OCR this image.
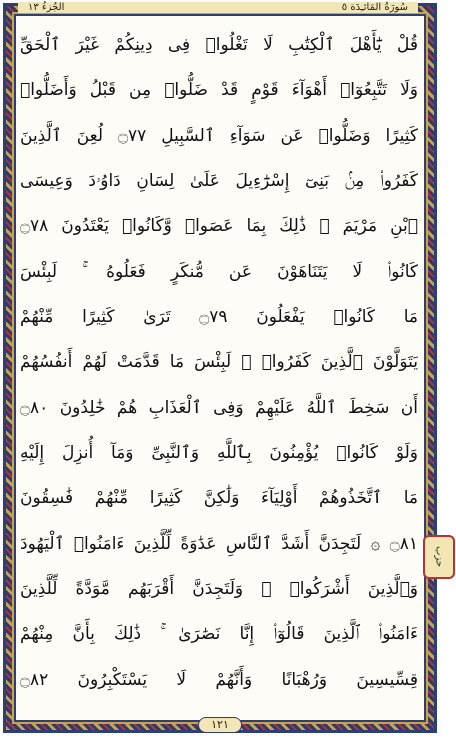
الجُزءُ ١٣	سُورَةُ المَائـِدَة ٥
قُلْ يَٰٓأَهْلَ ٱلْكِتَٰبِ لَا تَغْلُوا۟ فِى دِينِكُمْ غَيْرَ ٱلْحَقِّ
وَلَا تَتَّبِعُوٓا۟ أَهْوَآءَ قَوْمٍ قَدْ ضَلُّوا۟ مِن قَبْلُ وَأَضَلُّوا۟
كَثِيرًا وَضَلُّوا۟ عَن سَوَآءِ ٱلسَّبِيلِ ۝٧٧ لُعِنَ ٱلَّذِينَ
كَفَرُوا۟ مِنۢ بَنِىٓ إِسْرَٰٓءِيلَ عَلَىٰ لِسَانِ دَاوُۥدَ وَعِيسَى
ٱبْنِ مَرْيَمَ ۚ ذَٰلِكَ بِمَا عَصَوا۟ وَّكَانُوا۟ يَعْتَدُونَ ۝٧٨
كَانُوا۟ لَا يَتَنَاهَوْنَ عَن مُّنكَرٍ فَعَلُوهُ ۚ لَبِئْسَ
مَا كَانُوا۟ يَفْعَلُونَ ۝٧٩ تَرَىٰ كَثِيرًا مِّنْهُمْ
يَتَوَلَّوْنَ ٱلَّذِينَ كَفَرُوا۟ ۚ لَبِئْسَ مَا قَدَّمَتْ لَهُمْ أَنفُسُهُمْ
أَن سَخِطَ ٱللَّهُ عَلَيْهِمْ وَفِى ٱلْعَذَابِ هُمْ خَٰلِدُونَ ۝٨٠
وَلَوْ كَانُوا۟ يُؤْمِنُونَ بِٱللَّهِ وَٱلنَّبِىِّ وَمَآ أُنزِلَ إِلَيْهِ
مَا ٱتَّخَذُوهُمْ أَوْلِيَآءَ وَلَٰكِنَّ كَثِيرًا مِّنْهُمْ فَٰسِقُونَ
۝٨١ ۞ لَتَجِدَنَّ أَشَدَّ ٱلنَّاسِ عَدَٰوَةً لِّلَّذِينَ ءَامَنُوا۟ ٱلْيَهُودَ
وَٱلَّذِينَ أَشْرَكُوا۟ ۖ وَلَتَجِدَنَّ أَقْرَبَهُم مَّوَدَّةً لِّلَّذِينَ
ءَامَنُوا۟ ٱلَّذِينَ قَالُوٓا۟ إِنَّا نَصَٰرَىٰ ۚ ذَٰلِكَ بِأَنَّ مِنْهُمْ
قِسِّيسِينَ وَرُهْبَانًا وَأَنَّهُمْ لَا يَسْتَكْبِرُونَ ۝٨٢
حزب
١٢١
